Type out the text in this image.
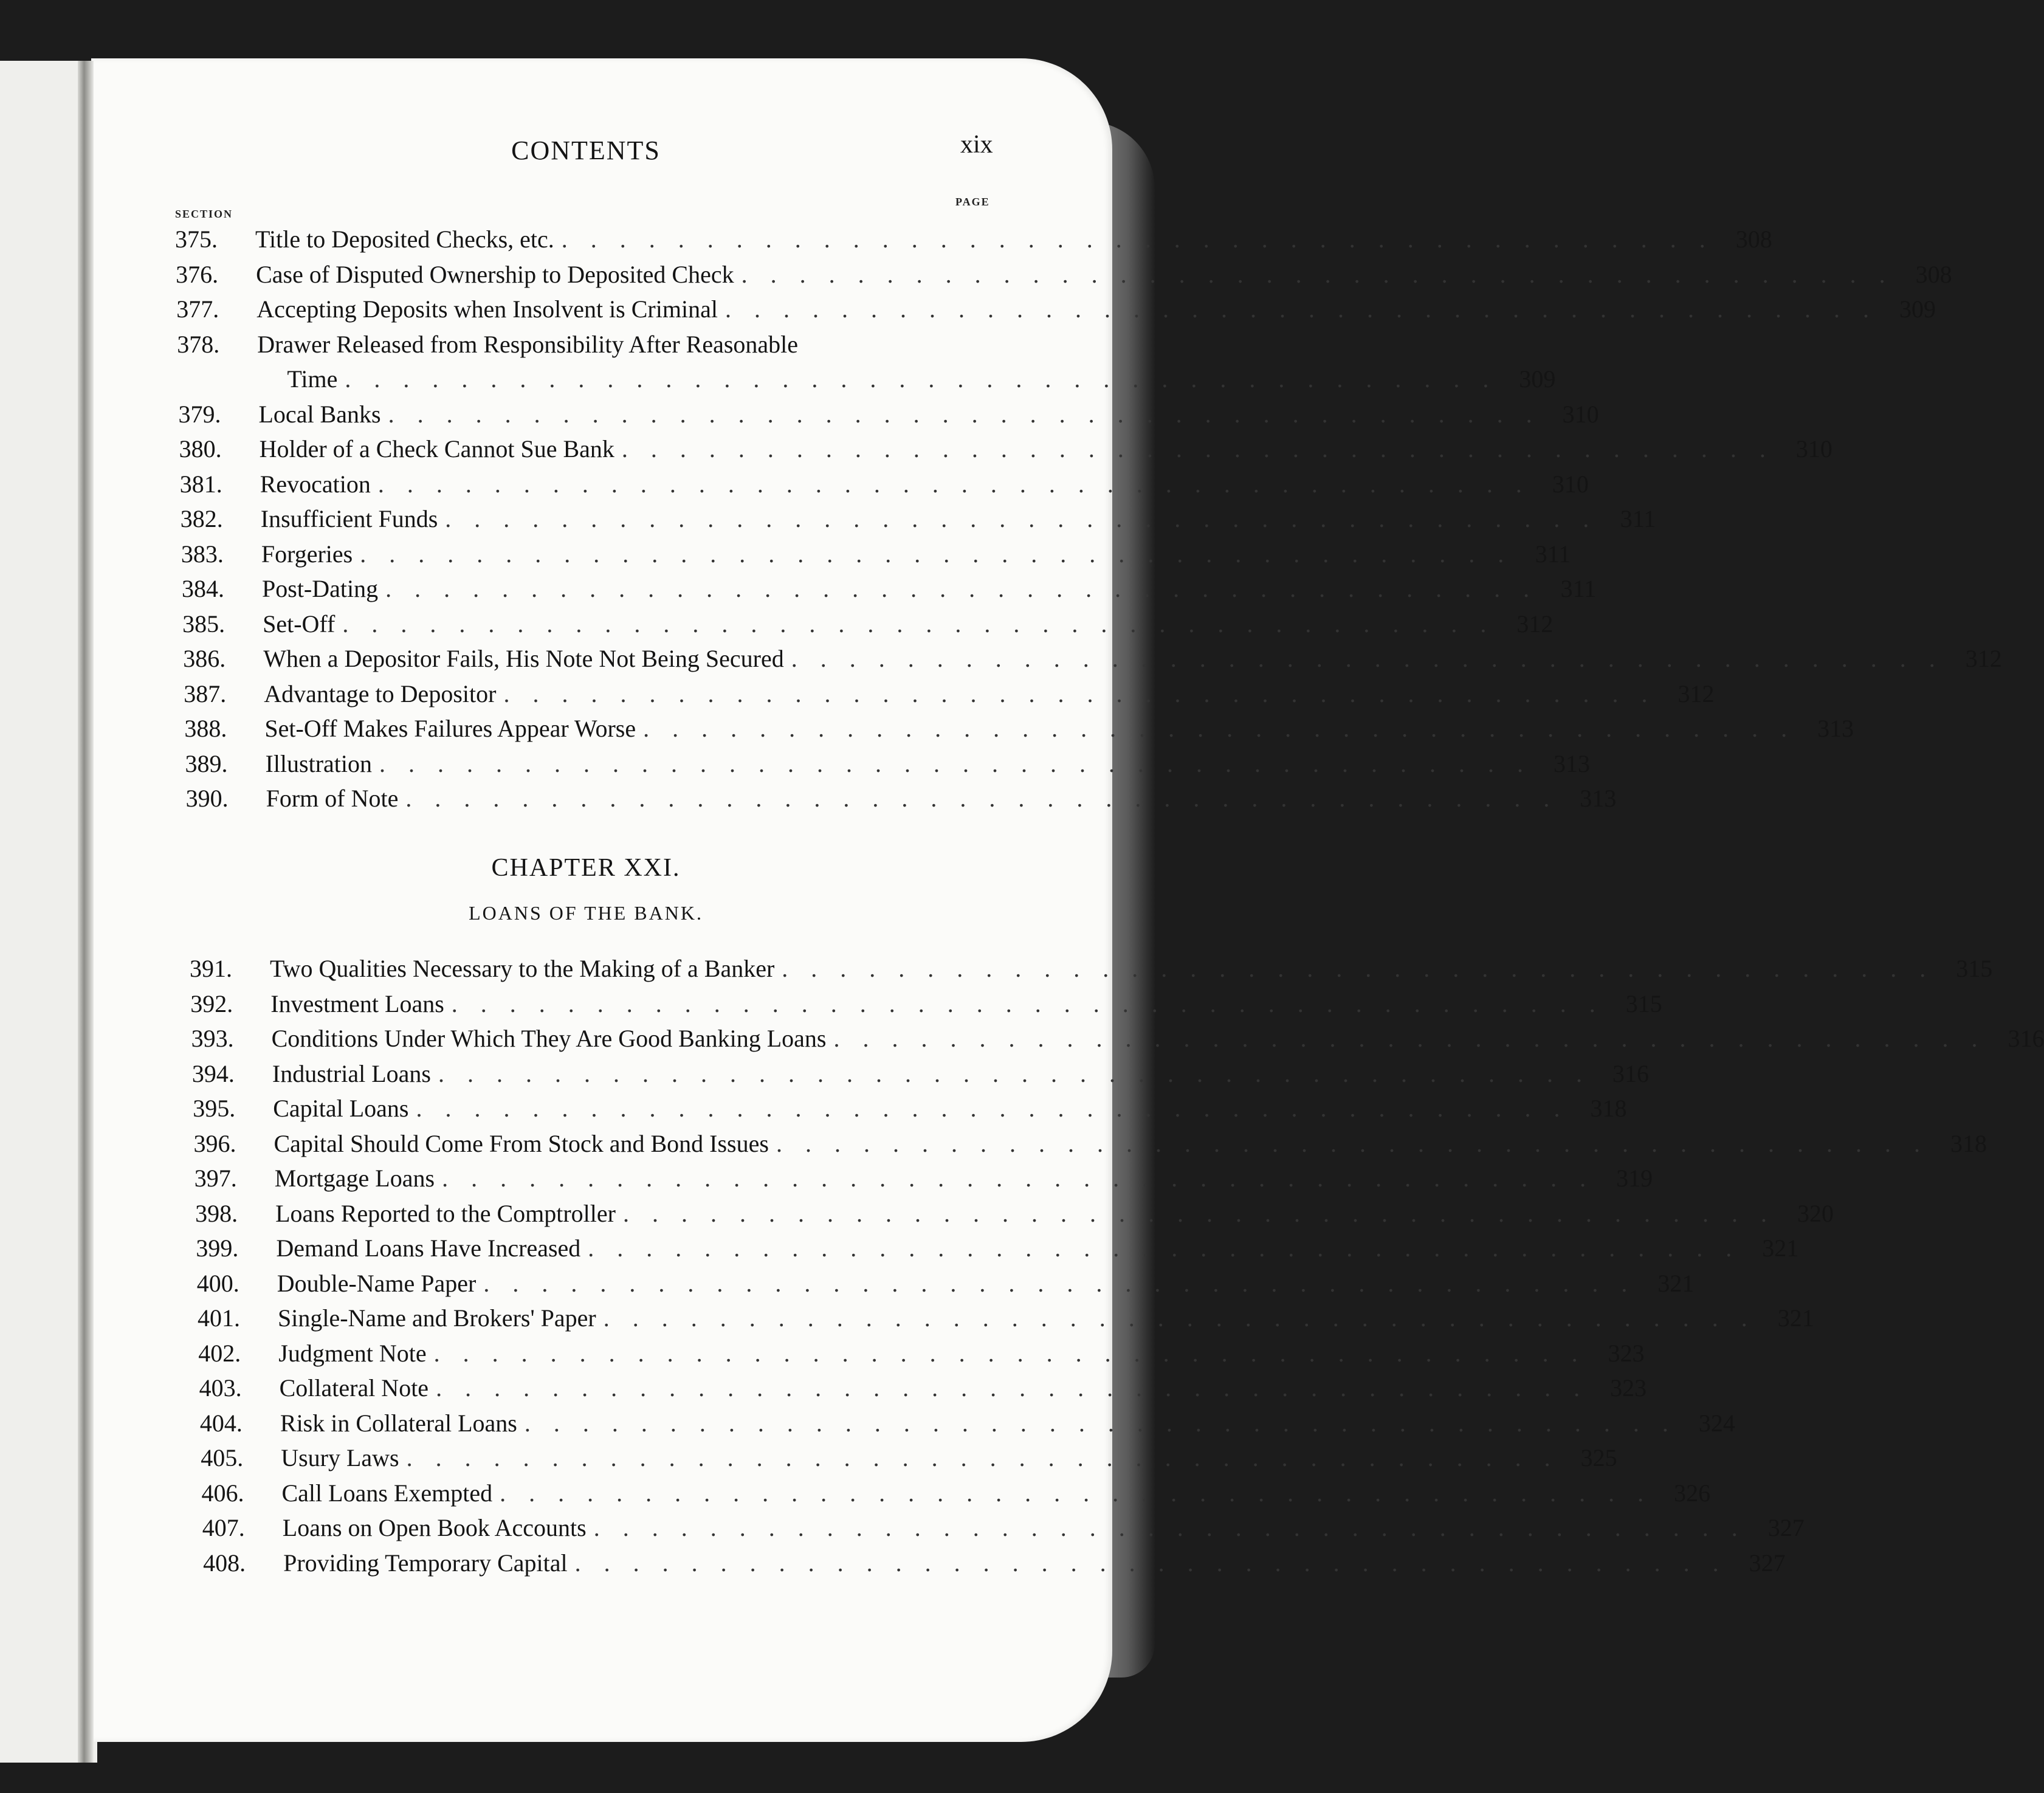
CONTENTS	xix
SECTION
PAGE
375.	Title to Deposited Checks, etc. . . . . . . . . . . . . . . . . . . . . . . . . . . . . . . . . . . . . . . . . 308
376.	Case of Disputed Ownership to Deposited Check . . . . . . . . . . . . . . . . . . . . . . . . . . . . . . . . . . . . . . . . 308
377.	Accepting Deposits when Insolvent is Criminal . . . . . . . . . . . . . . . . . . . . . . . . . . . . . . . . . . . . . . . . 309
378.	Drawer Released from Responsibility After Reasonable
Time . . . . . . . . . . . . . . . . . . . . . . . . . . . . . . . . . . . . . . . . 309
379.	Local Banks . . . . . . . . . . . . . . . . . . . . . . . . . . . . . . . . . . . . . . . . 310
380.	Holder of a Check Cannot Sue Bank . . . . . . . . . . . . . . . . . . . . . . . . . . . . . . . . . . . . . . . . 310
381.	Revocation . . . . . . . . . . . . . . . . . . . . . . . . . . . . . . . . . . . . . . . . 310
382.	Insufficient Funds . . . . . . . . . . . . . . . . . . . . . . . . . . . . . . . . . . . . . . . . 311
383.	Forgeries . . . . . . . . . . . . . . . . . . . . . . . . . . . . . . . . . . . . . . . . 311
384.	Post-Dating . . . . . . . . . . . . . . . . . . . . . . . . . . . . . . . . . . . . . . . . 311
385.	Set-Off . . . . . . . . . . . . . . . . . . . . . . . . . . . . . . . . . . . . . . . . 312
386.	When a Depositor Fails, His Note Not Being Secured . . . . . . . . . . . . . . . . . . . . . . . . . . . . . . . . . . . . . . . . 312
387.	Advantage to Depositor . . . . . . . . . . . . . . . . . . . . . . . . . . . . . . . . . . . . . . . . 312
388.	Set-Off Makes Failures Appear Worse . . . . . . . . . . . . . . . . . . . . . . . . . . . . . . . . . . . . . . . . 313
389.	Illustration . . . . . . . . . . . . . . . . . . . . . . . . . . . . . . . . . . . . . . . . 313
390.	Form of Note . . . . . . . . . . . . . . . . . . . . . . . . . . . . . . . . . . . . . . . . 313
CHAPTER XXI.
LOANS OF THE BANK.
391.	Two Qualities Necessary to the Making of a Banker . . . . . . . . . . . . . . . . . . . . . . . . . . . . . . . . . . . . . . . . 315
392.	Investment Loans . . . . . . . . . . . . . . . . . . . . . . . . . . . . . . . . . . . . . . . . 315
393.	Conditions Under Which They Are Good Banking Loans . . . . . . . . . . . . . . . . . . . . . . . . . . . . . . . . . . . . . . . . 316
394.	Industrial Loans . . . . . . . . . . . . . . . . . . . . . . . . . . . . . . . . . . . . . . . . 316
395.	Capital Loans . . . . . . . . . . . . . . . . . . . . . . . . . . . . . . . . . . . . . . . . 318
396.	Capital Should Come From Stock and Bond Issues . . . . . . . . . . . . . . . . . . . . . . . . . . . . . . . . . . . . . . . . 318
397.	Mortgage Loans . . . . . . . . . . . . . . . . . . . . . . . . . . . . . . . . . . . . . . . . 319
398.	Loans Reported to the Comptroller . . . . . . . . . . . . . . . . . . . . . . . . . . . . . . . . . . . . . . . . 320
399.	Demand Loans Have Increased . . . . . . . . . . . . . . . . . . . . . . . . . . . . . . . . . . . . . . . . 321
400.	Double-Name Paper . . . . . . . . . . . . . . . . . . . . . . . . . . . . . . . . . . . . . . . . 321
401.	Single-Name and Brokers' Paper . . . . . . . . . . . . . . . . . . . . . . . . . . . . . . . . . . . . . . . . 321
402.	Judgment Note . . . . . . . . . . . . . . . . . . . . . . . . . . . . . . . . . . . . . . . . 323
403.	Collateral Note . . . . . . . . . . . . . . . . . . . . . . . . . . . . . . . . . . . . . . . . 323
404.	Risk in Collateral Loans . . . . . . . . . . . . . . . . . . . . . . . . . . . . . . . . . . . . . . . . 324
405.	Usury Laws . . . . . . . . . . . . . . . . . . . . . . . . . . . . . . . . . . . . . . . . 325
406.	Call Loans Exempted . . . . . . . . . . . . . . . . . . . . . . . . . . . . . . . . . . . . . . . . 326
407.	Loans on Open Book Accounts . . . . . . . . . . . . . . . . . . . . . . . . . . . . . . . . . . . . . . . . 327
408.	Providing Temporary Capital . . . . . . . . . . . . . . . . . . . . . . . . . . . . . . . . . . . . . . . . 327
